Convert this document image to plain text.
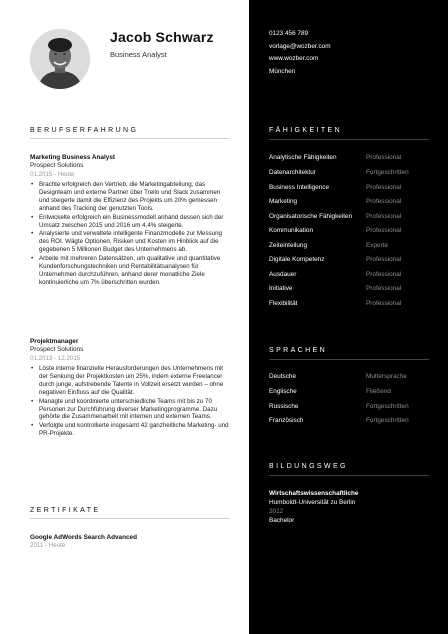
Jacob Schwarz
Business Analyst
BERUFSERFAHRUNG
Marketing Business Analyst
Prospect Solutions
01.2015 - Heute
• Brachte erfolgreich den Vertrieb, die Marketingabteilung, das Designteam und externe Partner über Trello und Slack zusammen und steigerte damit die Effizienz des Projekts um 20% gemessen anhand des Tracking der genutzten Tools.
• Entwickelte erfolgreich ein Businessmodell anhand dessen sich der Umsatz zwischen 2015 und 2016 um 4,4% steigerte.
• Analysierte und verwaltete intelligente Finanzmodelle zur Messung des ROI. Wägte Optionen, Risiken und Kosten im Hinblick auf die gegebenen 5 Millionen Budget des Unternehmens ab.
• Arbeite mit mehreren Datensätzen, um qualitative und quantitative Kundenforschungstechniken und Rentabilitätsanalysen für Unternehmen durchzuführen, anhand derer monatliche Ziele kontinuierliche um 7% überschritten wurden.
Projektmanager
Prospect Solutions
01.2013 - 12.2015
• Löste interne finanzielle Herausforderungen des Unternehmens mit der Senkung der Projektkosten um 25%, indem externe Freelancer durch junge, aufstrebende Talente in Vollzeit ersetzt wurden – ohne negativen Einfluss auf die Qualität.
• Managte und koordinierte unterschiedliche Teams mit bis zu 70 Personen zur Durchführung diverser Marketingprogramme. Dazu gehörte die Zusammenarbeit mit internen und externen Teams.
• Verfolgte und kontrollierte insgesamt 42 ganzheitliche Marketing- und PR-Projekte.
ZERTIFIKATE
Google AdWords Search Advanced
2011 - Heute
0123 456 789
vorlage@wozber.com
www.wozber.com
München
FÄHIGKEITEN
Analytische Fähigkeiten	Professional
Datenarchitektur	Fortgeschritten
Business Intelligence	Professional
Marketing	Professional
Organisatorische Fähigkeiten Professional
Kommunikation	Professional
Zeiteinteilung	Experte
Digitale Kompetenz	Professional
Ausdauer	Professional
Initiative	Professional
Flexibilität	Professional
SPRACHEN
Deutsche	Muttersprache
Englische	Fließend
Russische	Fortgeschritten
Französisch	Fortgeschritten
BILDUNGSWEG
Wirtschaftswissenschaftliche
Humboldt-Universität zu Berlin
2012
Bachelor
